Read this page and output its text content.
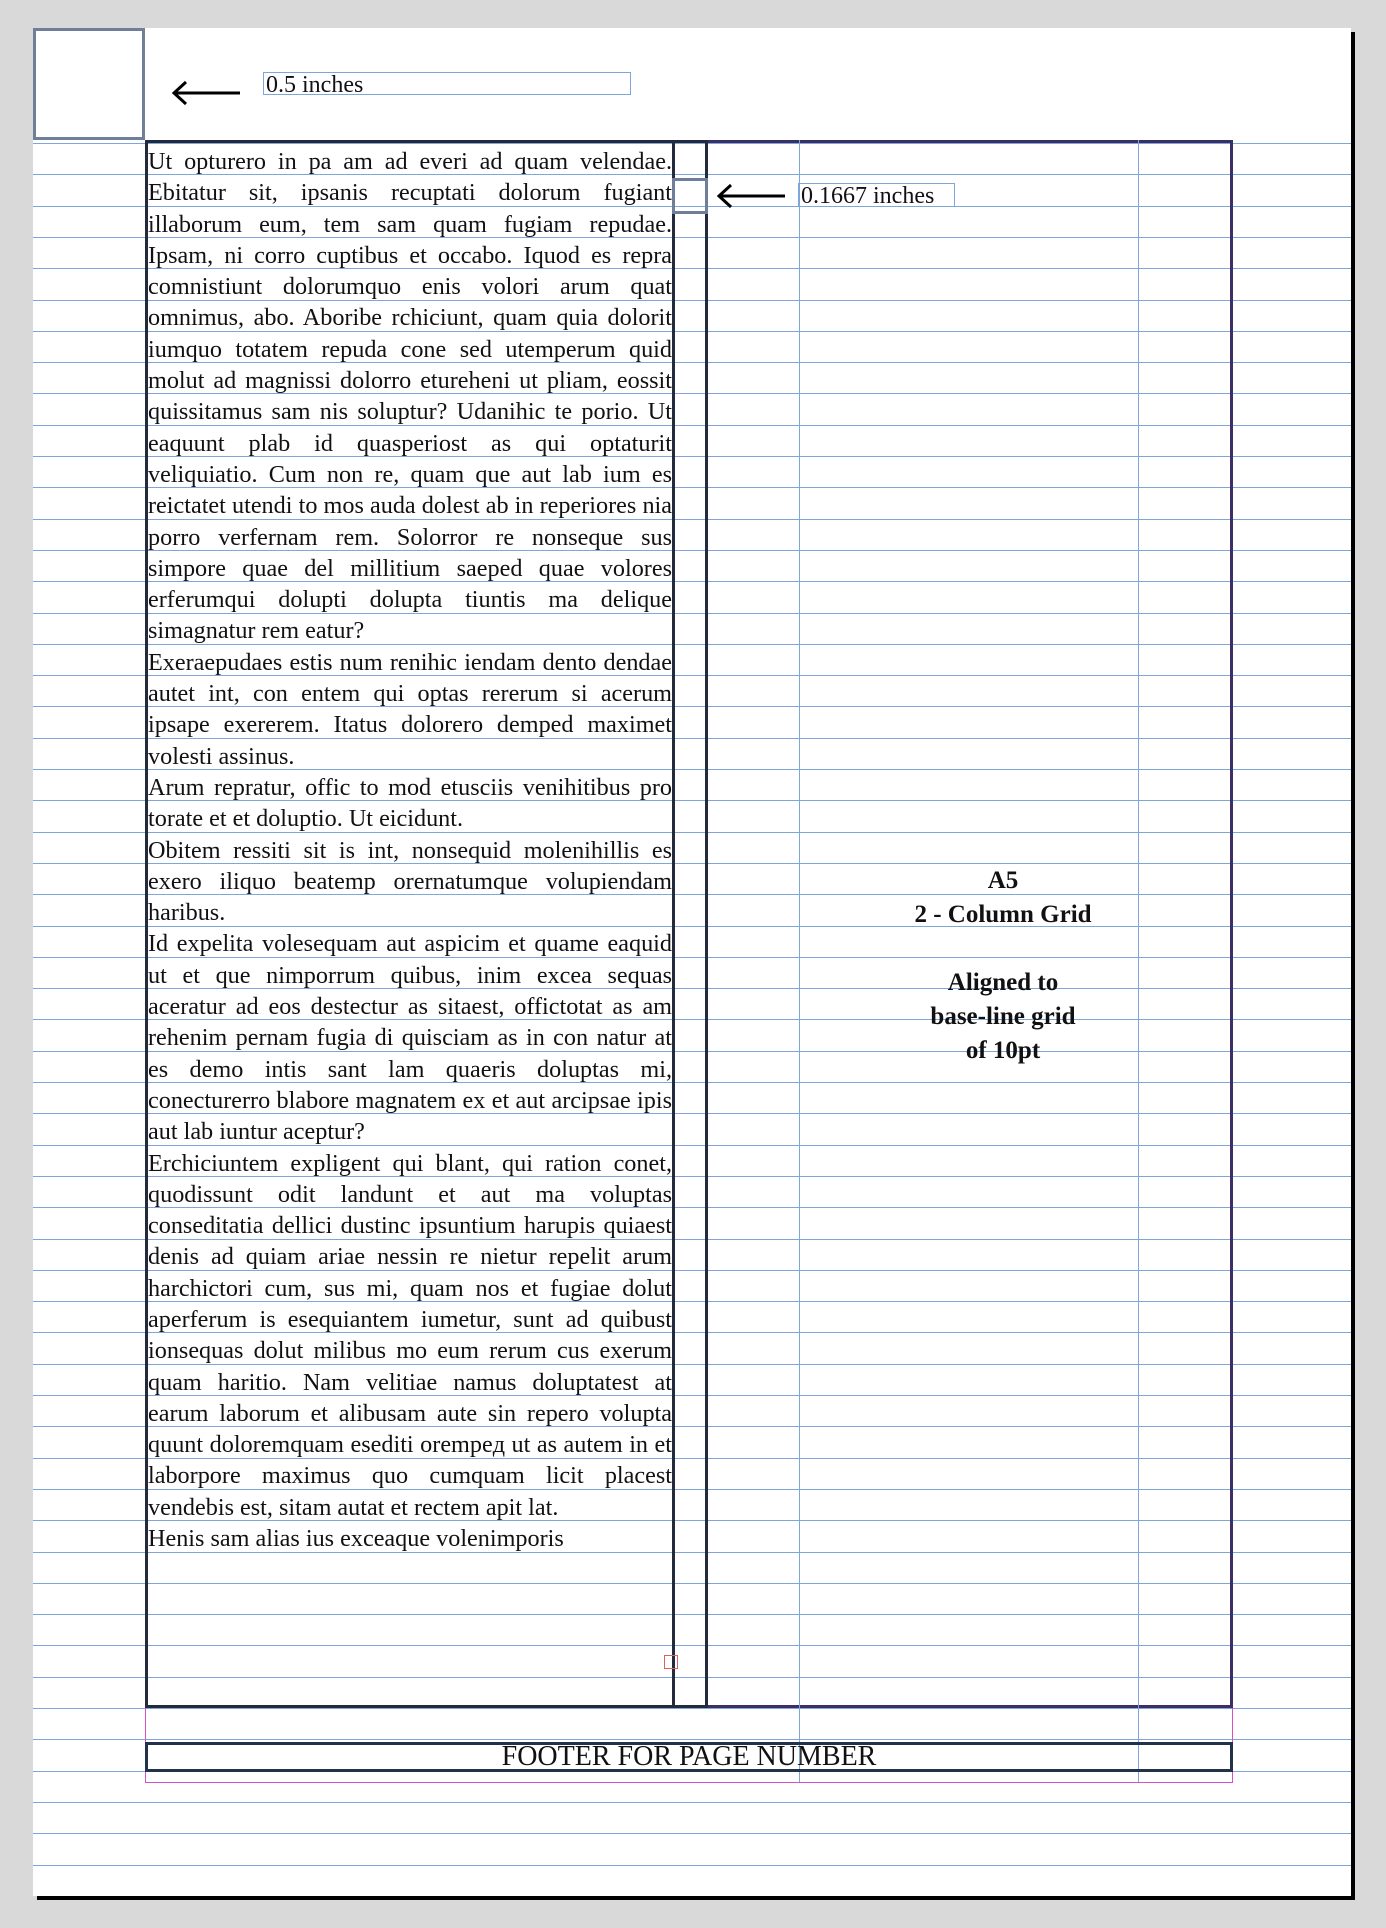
0.5 inches
0.1667 inches

Ut opturero in pa am ad everi ad quam velendae. Ebitatur sit, ipsanis recuptati dolorum fugiant illaborum eum, tem sam quam fugiam repudae. Ipsam, ni corro cuptibus et occabo. Iquod es repra comnistiunt dolorumquo enis volori arum quat omnimus, abo. Aboribe rchiciunt, quam quia dolorit iumquo totatem repuda cone sed utemperum quid molut ad magnissi dolorro etureheni ut pliam, eossit quissitamus sam nis soluptur? Udanihic te porio. Ut eaquunt plab id quasperiost as qui optaturit veliquiatio. Cum non re, quam que aut lab ium es reictatet utendi to mos auda dolest ab in reperiores nia porro verfernam rem. Solorror re nonseque sus simpore quae del millitium saeped quae volores erferumqui dolupti dolupta tiuntis ma delique simagnatur rem eatur?

Exeraepudaes estis num renihic iendam dento dendae autet int, con entem qui optas rererum si acerum ipsape exererem. Itatus dolorero demped maximet volesti assinus.

Arum repratur, offic to mod etusciis venihitibus pro torate et et doluptio. Ut eicidunt.

Obitem ressiti sit is int, nonsequid molenihillis es exero iliquo beatemp orernatumque volupiendam haribus.

Id expelita volesequam aut aspicim et quame eaquid ut et que nimporrum quibus, inim excea sequas aceratur ad eos destectur as sitaest, offictotat as am rehenim pernam fugia di quisciam as in con natur at es demo intis sant lam quaeris doluptas mi, conecturerro blabore magnatem ex et aut arcipsae ipis aut lab iuntur aceptur?

Erchiciuntem expligent qui blant, qui ration conet, quodissunt odit landunt et aut ma voluptas conseditatia dellici dustinc ipsuntium harupis quiaest denis ad quiam ariae nessin re nietur repelit arum harchictori cum, sus mi, quam nos et fugiae dolut aperferum is esequiantem iumetur, sunt ad quibust ionsequas dolut milibus mo eum rerum cus exerum quam haritio. Nam velitiae namus doluptatest at earum laborum et alibusam aute sin repero volupta quunt doloremquam esediti orempeд ut as autem in et laborpore maximus quo cumquam licit placest vendebis est, sitam autat et rectem apit lat.

Henis sam alias ius exceaque volenimporis

A5
2 - Column Grid
Aligned to
base-line grid
of 10pt
FOOTER FOR PAGE NUMBER
